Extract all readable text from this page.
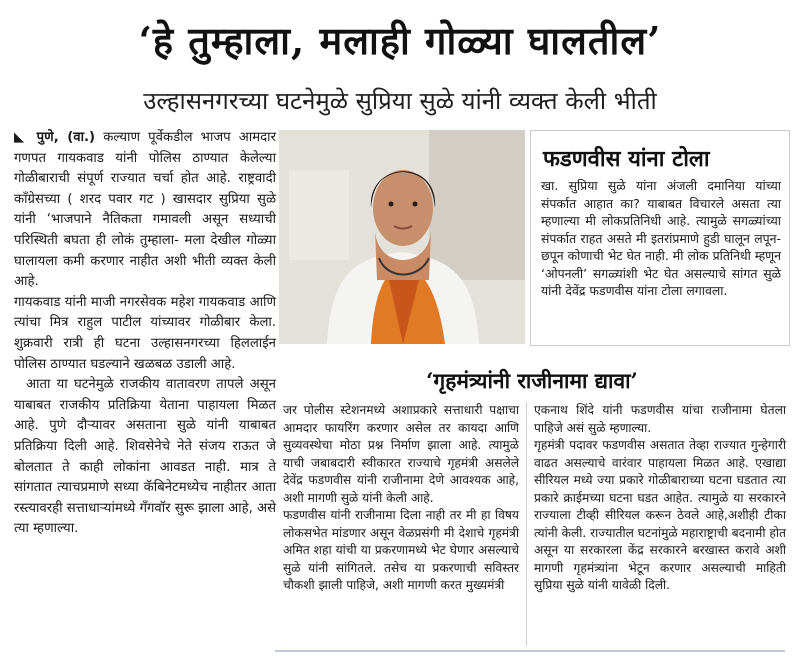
‘हे तुम्हाला, मलाही गोळ्या घालतील’
उल्हासनगरच्या घटनेमुळे सुप्रिया सुळे यांनी व्यक्त केली भीती

◣ पुणे, (वा.) कल्याण पूर्वेकडील भाजप आमदार गणपत गायकवाड यांनी पोलिस ठाण्यात केलेल्या गोळीबाराची संपूर्ण राज्यात चर्चा होत आहे. राष्ट्रवादी काँग्रेसच्या ( शरद पवार गट ) खासदार सुप्रिया सुळे यांनी ‘भाजपाने नैतिकता गमावली असून सध्याची परिस्थिती बघता ही लोकं तुम्हाला- मला देखील गोळ्या घालायला कमी करणार नाहीत अशी भीती व्यक्त केली आहे.

गायकवाड यांनी माजी नगरसेवक महेश गायकवाड आणि त्यांचा मित्र राहुल पाटील यांच्यावर गोळीबार केला. शुक्रवारी रात्री ही घटना उल्हासनगरच्या हिललाईन पोलिस ठाण्यात घडल्याने खळबळ उडाली आहे.

आता या घटनेमुळे राजकीय वातावरण तापले असून याबाबत राजकीय प्रतिक्रिया येताना पाहायला मिळत आहे. पुणे दौऱ्यावर असताना सुळे यांनी याबाबत प्रतिक्रिया दिली आहे. शिवसेनेचे नेते संजय राऊत जे बोलतात ते काही लोकांना आवडत नाही. मात्र ते सांगतात त्याचप्रमाणे सध्या कॅबिनेटमध्येच नाहीतर आता रस्त्यावरही सत्ताधाऱ्यांमध्ये गँगवॉर सुरू झाला आहे, असे त्या म्हणाल्या.

फडणवीस यांना टोला

खा. सुप्रिया सुळे यांना अंजली दमानिया यांच्या संपर्कात आहात का? याबाबत विचारले असता त्या म्हणाल्या मी लोकप्रतिनिधी आहे. त्यामुळे सगळ्यांच्या संपर्कात राहत असते मी इतरांप्रमाणे हुडी घालून लपून-छपून कोणाची भेट घेत नाही. मी लोक प्रतिनिधी म्हणून ‘ओपनली’ सगळ्यांशी भेट घेत असल्याचे सांगत सुळे यांनी देवेंद्र फडणवीस यांना टोला लगावला.

‘गृहमंत्र्यांनी राजीनामा द्यावा’

जर पोलीस स्टेशनमध्ये अशाप्रकारे सत्ताधारी पक्षाचा आमदार फायरिंग करणार असेल तर कायदा आणि सुव्यवस्थेचा मोठा प्रश्न निर्माण झाला आहे. त्यामुळे याची जबाबदारी स्वीकारत राज्याचे गृहमंत्री असलेले देवेंद्र फडणवीस यांनी राजीनामा देणे आवश्यक आहे, अशी मागणी सुळे यांनी केली आहे.

फडणवीस यांनी राजीनामा दिला नाही तर मी हा विषय लोकसभेत मांडणार असून वेळप्रसंगी मी देशाचे गृहमंत्री अमित शहा यांची या प्रकरणामध्ये भेट घेणार असल्याचे सुळे यांनी सांगितले. तसेच या प्रकरणाची सविस्तर चौकशी झाली पाहिजे, अशी मागणी करत मुख्यमंत्री

एकनाथ शिंदे यांनी फडणवीस यांचा राजीनामा घेतला पाहिजे असं सुळे म्हणाल्या.

गृहमंत्री पदावर फडणवीस असतात तेव्हा राज्यात गुन्हेगारी वाढत असल्याचे वारंवार पाहायला मिळत आहे. एखाद्या सीरियल मध्ये ज्या प्रकारे गोळीबाराच्या घटना घडतात त्या प्रकारे क्राईमच्या घटना घडत आहेत. त्यामुळे या सरकारने राज्याला टीव्ही सीरियल करून ठेवले आहे,अशीही टीका त्यांनी केली. राज्यातील घटनांमुळे महाराष्ट्राची बदनामी होत असून या सरकारला केंद्र सरकारने बरखास्त करावे अशी मागणी गृहमंत्र्यांना भेटून करणार असल्याची माहिती सुप्रिया सुळे यांनी यावेळी दिली.
